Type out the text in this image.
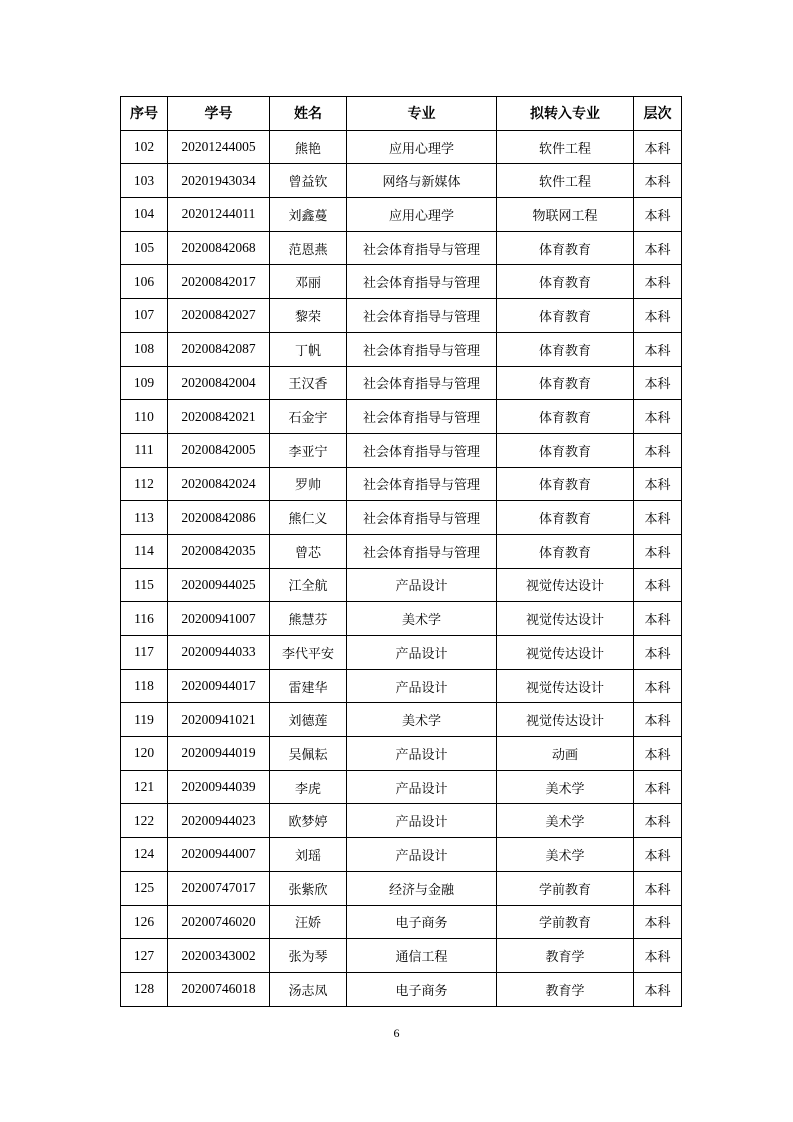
序号	学号	姓名	专业	拟转入专业	层次
102	20201244005	熊艳	应用心理学	软件工程	本科
103	20201943034	曾益钦	网络与新媒体	软件工程	本科
104	20201244011	刘鑫蔓	应用心理学	物联网工程	本科
105	20200842068	范恩燕	社会体育指导与管理	体育教育	本科
106	20200842017	邓丽	社会体育指导与管理	体育教育	本科
107	20200842027	黎荣	社会体育指导与管理	体育教育	本科
108	20200842087	丁帆	社会体育指导与管理	体育教育	本科
109	20200842004	王汉香	社会体育指导与管理	体育教育	本科
110	20200842021	石金宇	社会体育指导与管理	体育教育	本科
111	20200842005	李亚宁	社会体育指导与管理	体育教育	本科
112	20200842024	罗帅	社会体育指导与管理	体育教育	本科
113	20200842086	熊仁义	社会体育指导与管理	体育教育	本科
114	20200842035	曾芯	社会体育指导与管理	体育教育	本科
115	20200944025	江全航	产品设计	视觉传达设计	本科
116	20200941007	熊慧芬	美术学	视觉传达设计	本科
117	20200944033	李代平安	产品设计	视觉传达设计	本科
118	20200944017	雷建华	产品设计	视觉传达设计	本科
119	20200941021	刘德莲	美术学	视觉传达设计	本科
120	20200944019	吴佩耘	产品设计	动画	本科
121	20200944039	李虎	产品设计	美术学	本科
122	20200944023	欧梦婷	产品设计	美术学	本科
124	20200944007	刘瑶	产品设计	美术学	本科
125	20200747017	张紫欣	经济与金融	学前教育	本科
126	20200746020	汪娇	电子商务	学前教育	本科
127	20200343002	张为琴	通信工程	教育学	本科
128	20200746018	汤志凤	电子商务	教育学	本科
6
